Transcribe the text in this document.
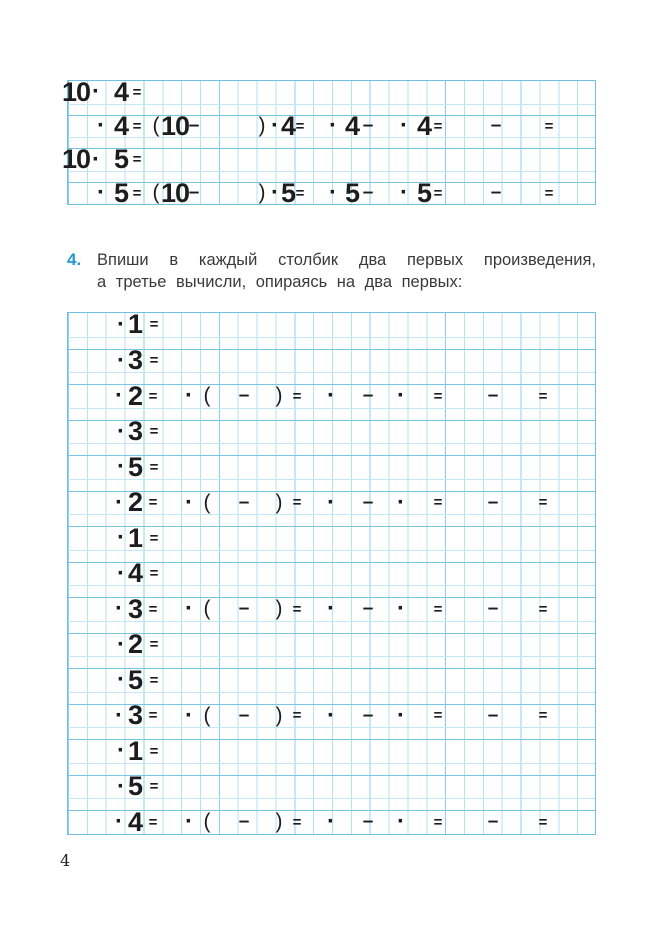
10 · 4 =
· 4 = ( 10 –	) · 4 = · 4 – · 4 =	–	=
10 · 5 =
· 5 = ( 10 –	) · 5 = · 5 – · 5 =	–	=
4. Впиши в каждый столбик два первых произведения,
а третье вычисли, опираясь на два первых:
· 1 =
· 3 =
· 2 = · ( – ) = · – · = –	=
· 3 =
· 5 =
· 2 = · ( – ) = · – · = –	=
· 1 =
· 4 =
· 3 = · ( – ) = · – · = –	=
· 2 =
· 5 =
· 3 = · ( – ) = · – · = –	=
· 1 =
· 5 =
· 4 = · ( – ) = · – · = –	=
4
